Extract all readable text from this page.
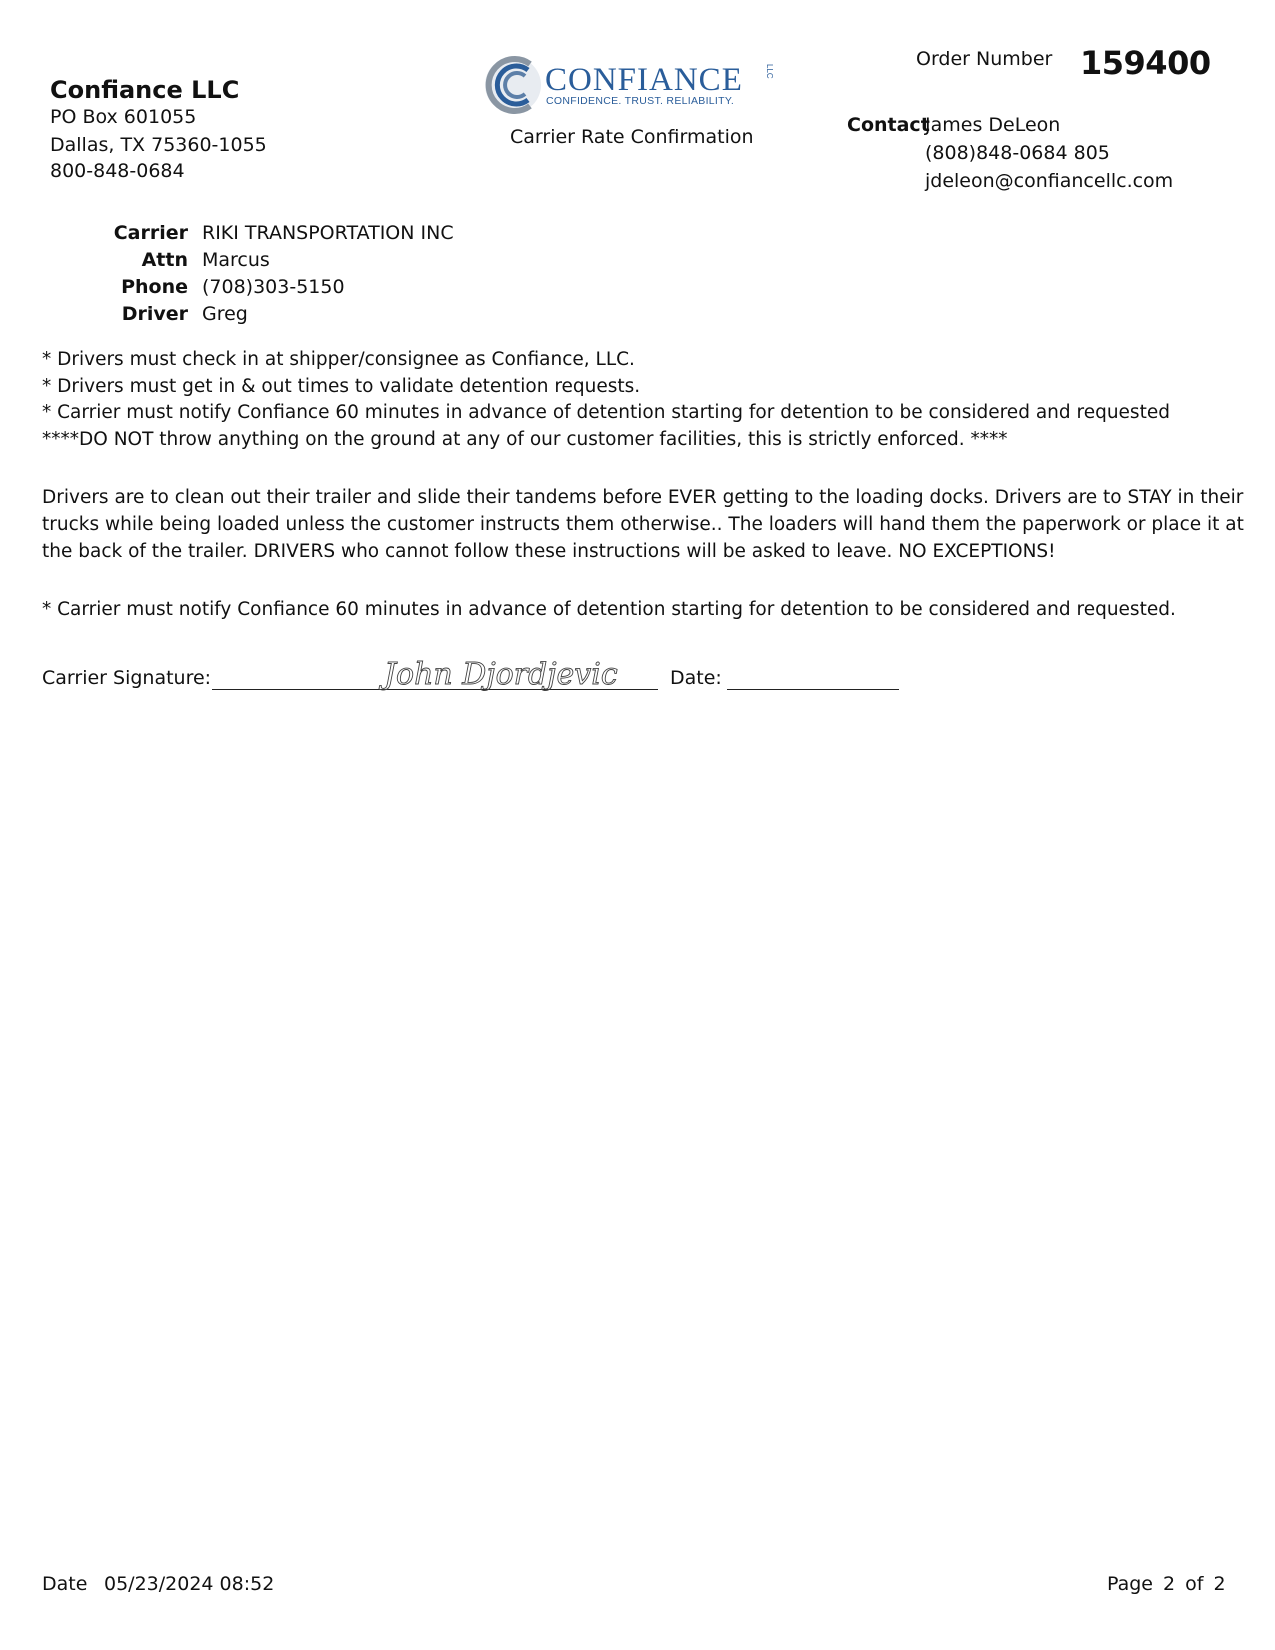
Confiance LLC
PO Box 601055
Dallas, TX 75360-1055
800-848-0684
CONFIANCE	LLC
CONFIDENCE. TRUST. RELIABILITY.
Carrier Rate Confirmation
Order Number 159400
Contact
James DeLeon
(808)848-0684 805
jdeleon@confiancellc.com
Carrier RIKI TRANSPORTATION INC
Attn Marcus
Phone (708)303-5150
Driver Greg
* Drivers must check in at shipper/consignee as Confiance, LLC.
* Drivers must get in & out times to validate detention requests.
* Carrier must notify Confiance 60 minutes in advance of detention starting for detention to be considered and requested
****DO NOT throw anything on the ground at any of our customer facilities, this is strictly enforced. ****
Drivers are to clean out their trailer and slide their tandems before EVER getting to the loading docks. Drivers are to STAY in their trucks while being loaded unless the customer instructs them otherwise.. The loaders will hand them the paperwork or place it at the back of the trailer. DRIVERS who cannot follow these instructions will be asked to leave. NO EXCEPTIONS!
* Carrier must notify Confiance 60 minutes in advance of detention starting for detention to be considered and requested.
Carrier Signature:	John Djordjevic	Date:
Date 05/23/2024 08:52	Page 2 of 2
